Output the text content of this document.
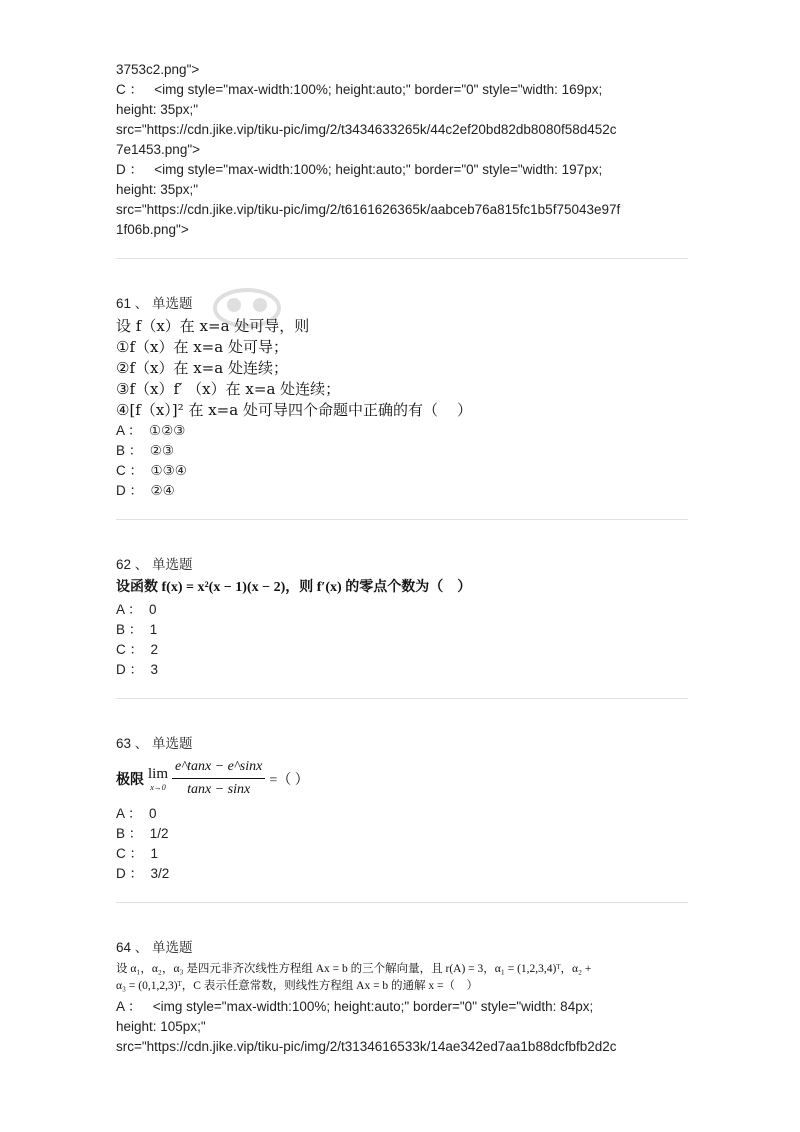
3753c2.png">
C ：   <img style="max-width:100%; height:auto;" border="0" style="width: 169px;
height: 35px;"
src="https://cdn.jike.vip/tiku-pic/img/2/t3434633265k/44c2ef20bd82db8080f58d452c
7e1453.png">
D ：   <img style="max-width:100%; height:auto;" border="0" style="width: 197px;
height: 35px;"
src="https://cdn.jike.vip/tiku-pic/img/2/t6161626365k/aabceb76a815fc1b5f75043e97f
1f06b.png">
61 、 单选题
设 f（x）在 x=a 处可导，则
①f（x）在 x=a 处可导；
②f（x）在 x=a 处连续；
③f（x）f′ （x）在 x=a 处连续；
④[f（x）]² 在 x=a 处可导四个命题中正确的有（    ）
A ：  ①②③
B ：  ②③
C ：  ①③④
D ：  ②④
62 、 单选题
设函数 f(x) = x²(x − 1)(x − 2)，则 f′(x) 的零点个数为（    ）
A ：  0
B ：  1
C ：  2
D ：  3
63 、 单选题
极限 lim
$x\to 0 \frac{e\^{}\tan x - e\^{}\sin x}{\tan x - \sin x}$ =（ ）
A ：  0
B ：  1/2
C ：  1
D ：  3/2
64 、 单选题
设 α₁，α₂，α₃ 是四元非齐次线性方程组 Ax = b 的三个解向量，且 r(A) = 3，α₁ = (1,2,3,4)ᵀ，α₂ +
α₃ = (0,1,2,3)ᵀ，C 表示任意常数，则线性方程组 Ax = b 的通解 x =（    ）
A ：   <img style="max-width:100%; height:auto;" border="0" style="width: 84px;
height: 105px;"
src="https://cdn.jike.vip/tiku-pic/img/2/t3134616533k/14ae342ed7aa1b88dcfbfb2d2c
